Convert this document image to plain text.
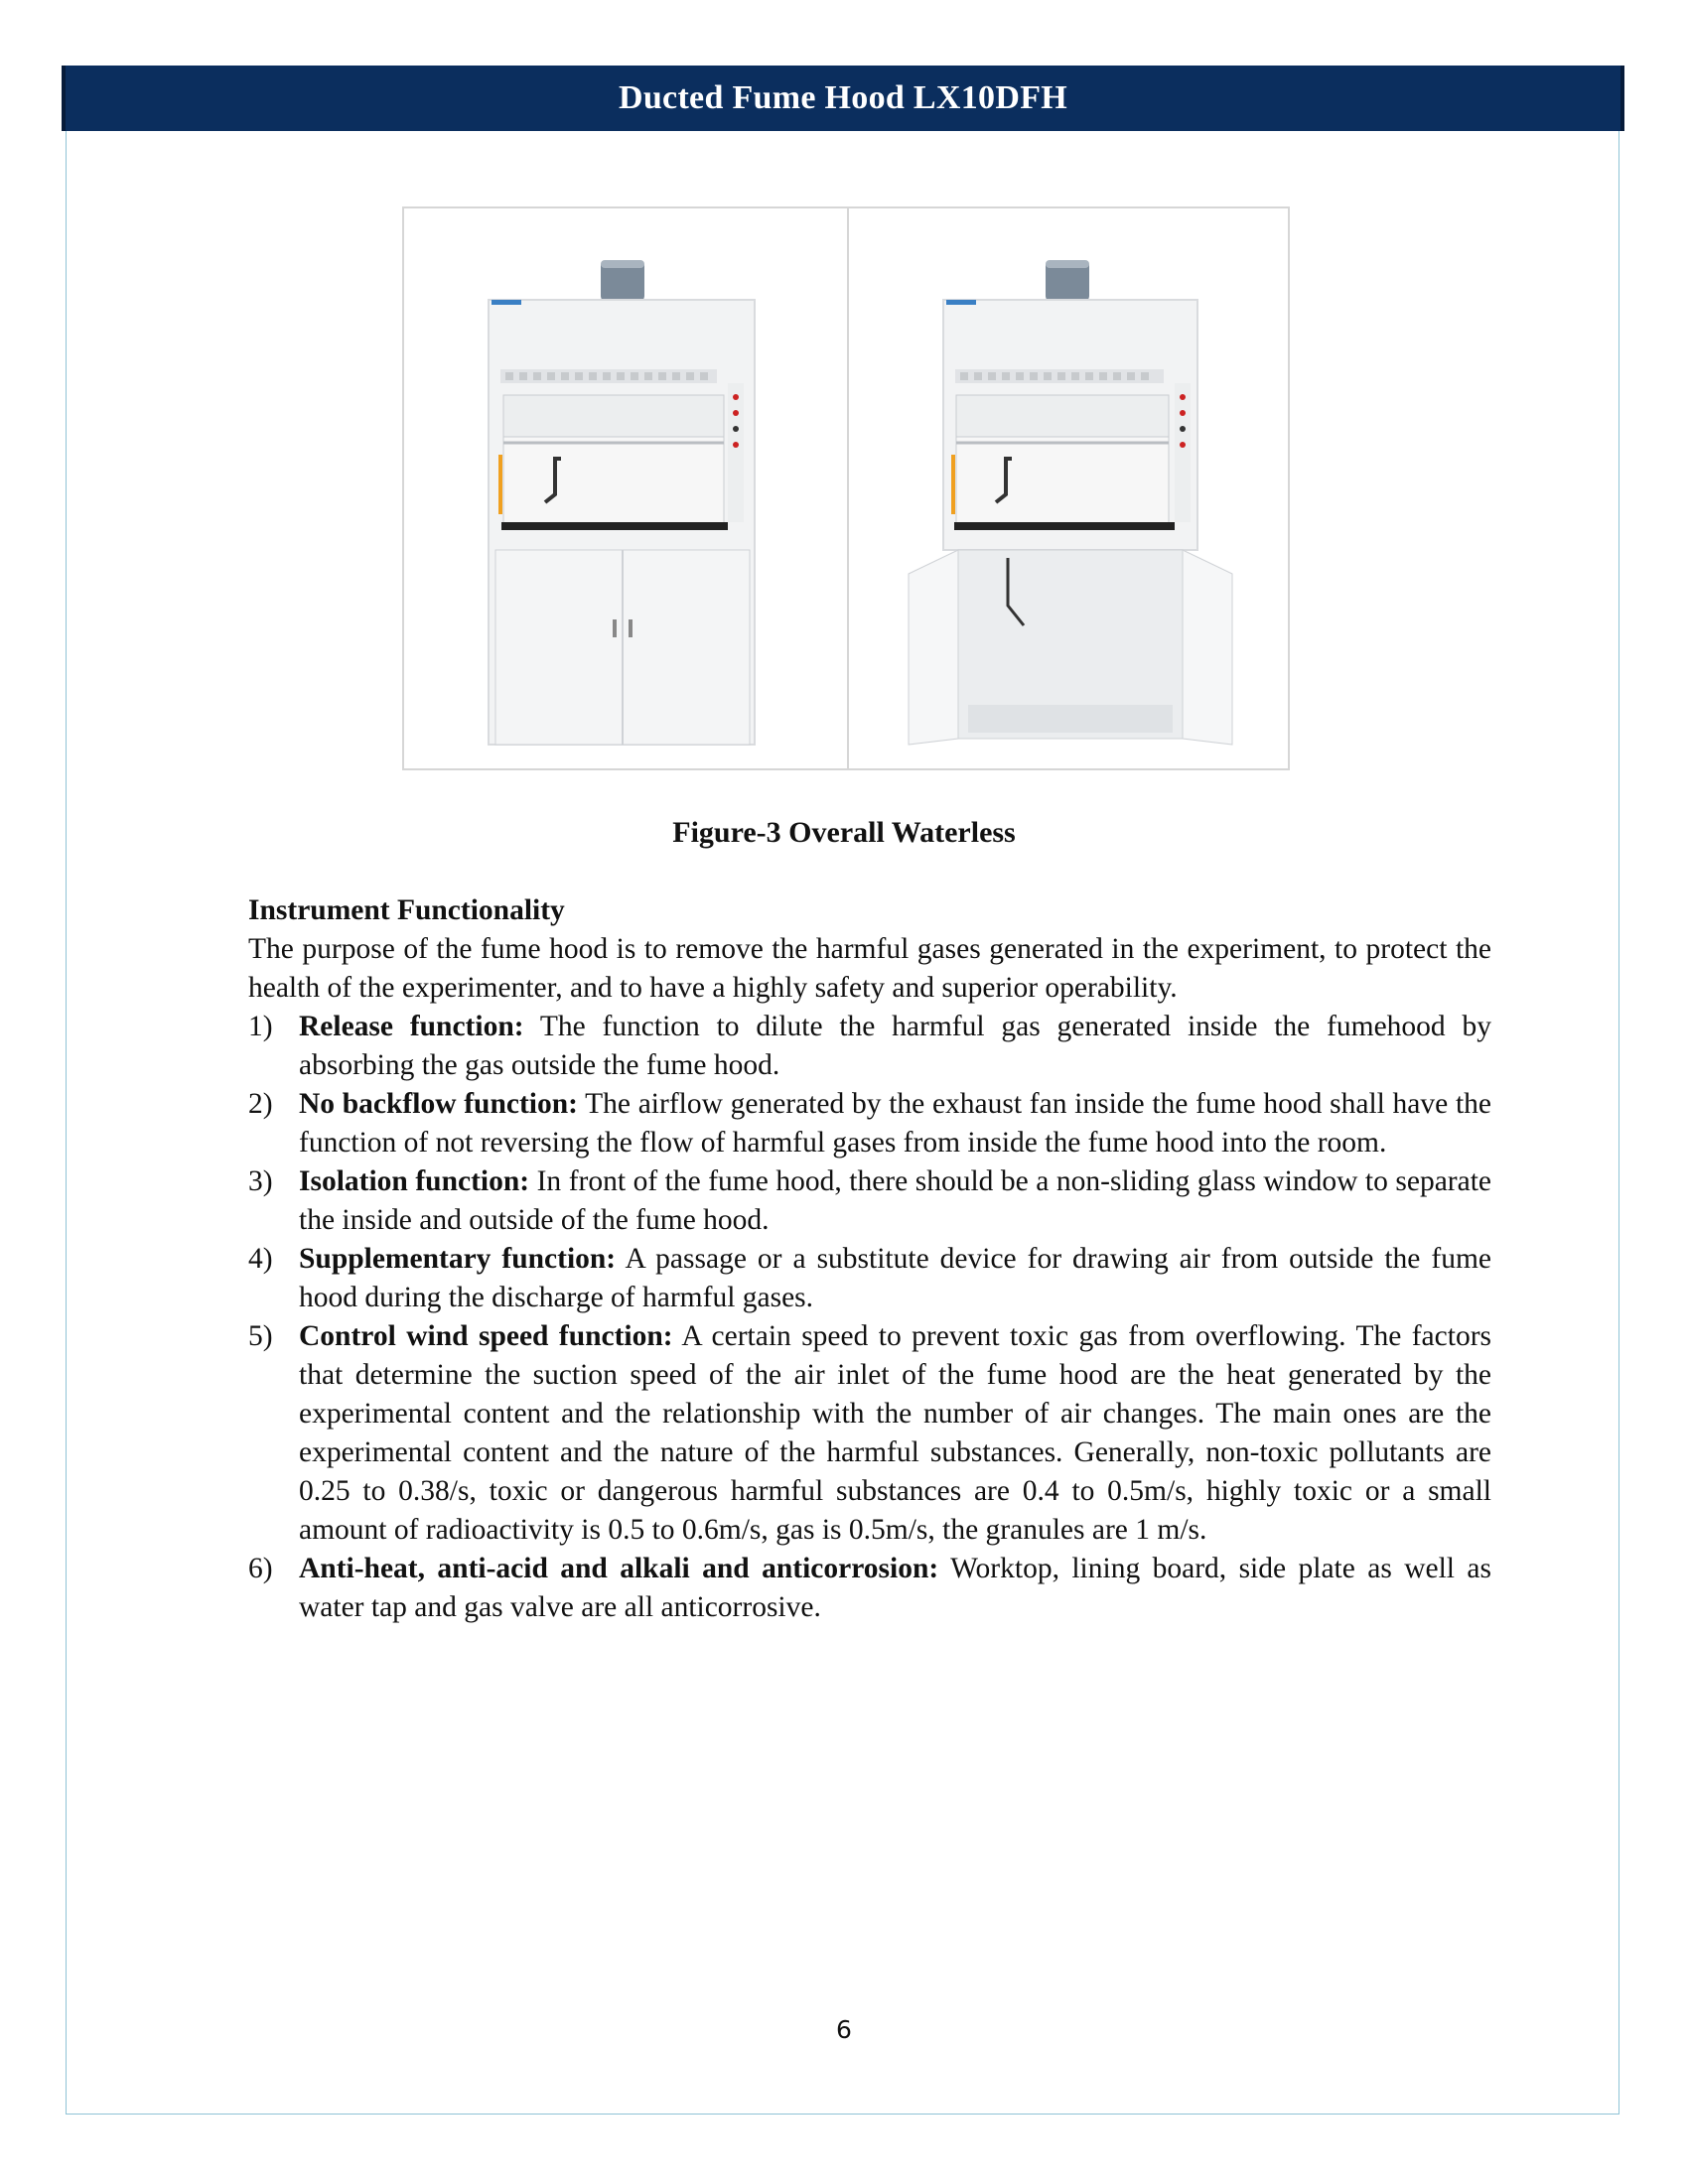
Ducted Fume Hood LX10DFH
Figure-3 Overall Waterless

Instrument Functionality

The purpose of the fume hood is to remove the harmful gases generated in the experiment, to protect the health of the experimenter, and to have a highly safety and superior operability.

1) Release function: The function to dilute the harmful gas generated inside the fumehood by absorbing the gas outside the fume hood.
2) No backflow function: The airflow generated by the exhaust fan inside the fume hood shall have the function of not reversing the flow of harmful gases from inside the fume hood into the room.
3) Isolation function: In front of the fume hood, there should be a non-sliding glass window to separate the inside and outside of the fume hood.
4) Supplementary function: A passage or a substitute device for drawing air from outside the fume hood during the discharge of harmful gases.
5) Control wind speed function: A certain speed to prevent toxic gas from overflowing. The factors that determine the suction speed of the air inlet of the fume hood are the heat generated by the experimental content and the relationship with the number of air changes. The main ones are the experimental content and the nature of the harmful substances. Generally, non-toxic pollutants are 0.25 to 0.38/s, toxic or dangerous harmful substances are 0.4 to 0.5m/s, highly toxic or a small amount of radioactivity is 0.5 to 0.6m/s, gas is 0.5m/s, the granules are 1 m/s.
6) Anti-heat, anti-acid and alkali and anticorrosion: Worktop, lining board, side plate as well as water tap and gas valve are all anticorrosive.
6
